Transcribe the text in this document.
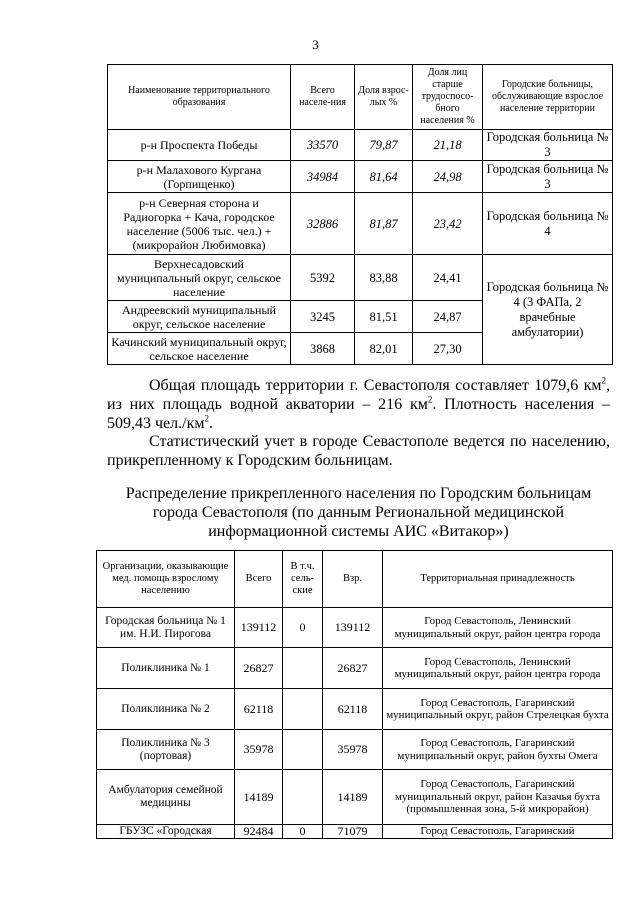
3
Наименование территориального образования	Всего населе-ния	Доля взрос-лых %	Доля лиц старше трудоспосо-бного населения %	Городские больницы, обслуживающие взрослое население территории
р-н Проспекта Победы	33570	79,87	21,18	Городская больница № 3
р-н Малахового Кургана (Горпищенко)	34984	81,64	24,98	Городская больница № 3
р-н Северная сторона и Радиогорка + Кача, городское население (5006 тыс. чел.) + (микрорайон Любимовка)	32886	81,87	23,42	Городская больница № 4
Верхнесадовский муниципальный округ, сельское население	5392	83,88	24,41	Городская больница № 4 (3 ФАПа, 2 врачебные амбулатории)
Андреевский муниципальный округ, сельское население	3245	81,51	24,87	
Качинский муниципальный округ, сельское население	3868	82,01	27,30	

Общая площадь территории г. Севастополя составляет 1079,6 $км^2$, из них площадь водной акватории – 216 $км^2$. Плотность населения – 509,43 $чел./км^2$.

Статистический учет в городе Севастополе ведется по населению, прикрепленному к Городским больницам.

Распределение прикрепленного населения по Городским больницам города Севастополя (по данным Региональной медицинской информационной системы АИС «Витакор»)

Организации, оказывающие мед. помощь взрослому населению	Всего	В т.ч. сель-ские	Взр.	Территориальная принадлежность
Городская больница № 1 им. Н.И. Пирогова	139112	0	139112	Город Севастополь, Ленинский муниципальный округ, район центра города
Поликлиника № 1	26827		26827	Город Севастополь, Ленинский муниципальный округ, район центра города
Поликлиника № 2	62118		62118	Город Севастополь, Гагаринский муниципальный округ, район Стрелецкая бухта
Поликлиника № 3 (портовая)	35978		35978	Город Севастополь, Гагаринский муниципальный округ, район бухты Омега
Амбулатория семейной медицины	14189		14189	Город Севастополь, Гагаринский муниципальный округ, район Казачья бухта (промышленная зона, 5-й микрорайон)
ГБУЗС «Городская	92484	0	71079	Город Севастополь, Гагаринский
